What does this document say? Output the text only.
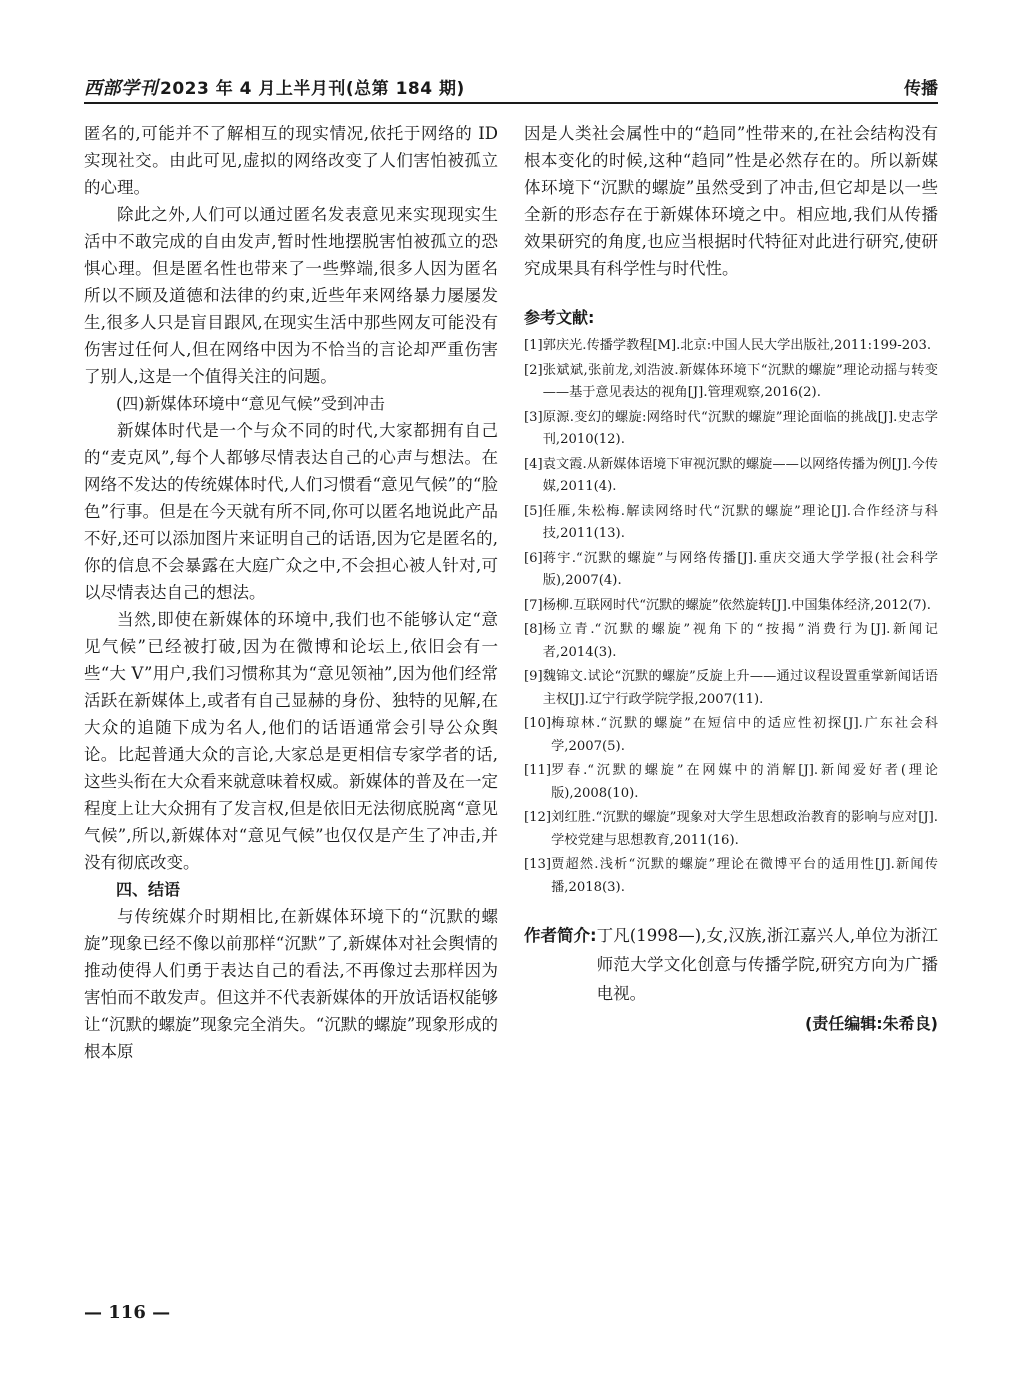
西部学刊 2023 年 4 月上半月刊(总第 184 期)	传播

匿名的,可能并不了解相互的现实情况,依托于网络的 ID 实现社交。由此可见,虚拟的网络改变了人们害怕被孤立的心理。

除此之外,人们可以通过匿名发表意见来实现现实生活中不敢完成的自由发声,暂时性地摆脱害怕被孤立的恐惧心理。但是匿名性也带来了一些弊端,很多人因为匿名所以不顾及道德和法律的约束,近些年来网络暴力屡屡发生,很多人只是盲目跟风,在现实生活中那些网友可能没有伤害过任何人,但在网络中因为不恰当的言论却严重伤害了别人,这是一个值得关注的问题。

(四)新媒体环境中“意见气候”受到冲击

新媒体时代是一个与众不同的时代,大家都拥有自己的“麦克风”,每个人都够尽情表达自己的心声与想法。在网络不发达的传统媒体时代,人们习惯看“意见气候”的“脸色”行事。但是在今天就有所不同,你可以匿名地说此产品不好,还可以添加图片来证明自己的话语,因为它是匿名的,你的信息不会暴露在大庭广众之中,不会担心被人针对,可以尽情表达自己的想法。

当然,即使在新媒体的环境中,我们也不能够认定“意见气候”已经被打破,因为在微博和论坛上,依旧会有一些“大 V”用户,我们习惯称其为“意见领袖”,因为他们经常活跃在新媒体上,或者有自己显赫的身份、独特的见解,在大众的追随下成为名人,他们的话语通常会引导公众舆论。比起普通大众的言论,大家总是更相信专家学者的话,这些头衔在大众看来就意味着权威。新媒体的普及在一定程度上让大众拥有了发言权,但是依旧无法彻底脱离“意见气候”,所以,新媒体对“意见气候”也仅仅是产生了冲击,并没有彻底改变。

四、结语

与传统媒介时期相比,在新媒体环境下的“沉默的螺旋”现象已经不像以前那样“沉默”了,新媒体对社会舆情的推动使得人们勇于表达自己的看法,不再像过去那样因为害怕而不敢发声。但这并不代表新媒体的开放话语权能够让“沉默的螺旋”现象完全消失。“沉默的螺旋”现象形成的根本原

因是人类社会属性中的“趋同”性带来的,在社会结构没有根本变化的时候,这种“趋同”性是必然存在的。所以新媒体环境下“沉默的螺旋”虽然受到了冲击,但它却是以一些全新的形态存在于新媒体环境之中。相应地,我们从传播效果研究的角度,也应当根据时代特征对此进行研究,使研究成果具有科学性与时代性。

参考文献:
[1] 郭庆光.传播学教程[M].北京:中国人民大学出版社,2011:199-203.
[2] 张斌斌,张前龙,刘浩波.新媒体环境下“沉默的螺旋”理论动摇与转变——基于意见表达的视角[J].管理观察,2016(2).
[3] 原源.变幻的螺旋:网络时代“沉默的螺旋”理论面临的挑战[J].史志学刊,2010(12).
[4] 袁文霞.从新媒体语境下审视沉默的螺旋——以网络传播为例[J].今传媒,2011(4).
[5] 任雁,朱松梅.解读网络时代“沉默的螺旋”理论[J].合作经济与科技,2011(13).
[6] 蒋宇.“沉默的螺旋”与网络传播[J].重庆交通大学学报(社会科学版),2007(4).
[7] 杨柳.互联网时代“沉默的螺旋”依然旋转[J].中国集体经济,2012(7).
[8] 杨立青.“沉默的螺旋”视角下的“按揭”消费行为[J].新闻记者,2014(3).
[9] 魏锦文.试论“沉默的螺旋”反旋上升——通过议程设置重掌新闻话语主权[J].辽宁行政学院学报,2007(11).
[10] 梅琼林.“沉默的螺旋”在短信中的适应性初探[J].广东社会科学,2007(5).
[11] 罗春.“沉默的螺旋”在网媒中的消解[J].新闻爱好者(理论版),2008(10).
[12] 刘红胜.“沉默的螺旋”现象对大学生思想政治教育的影响与应对[J].学校党建与思想教育,2011(16).
[13] 贾超然.浅析“沉默的螺旋”理论在微博平台的适用性[J].新闻传播,2018(3).
作者简介: 丁凡(1998—),女,汉族,浙江嘉兴人,单位为浙江师范大学文化创意与传播学院,研究方向为广播电视。
(责任编辑:朱希良)
— 116 —
